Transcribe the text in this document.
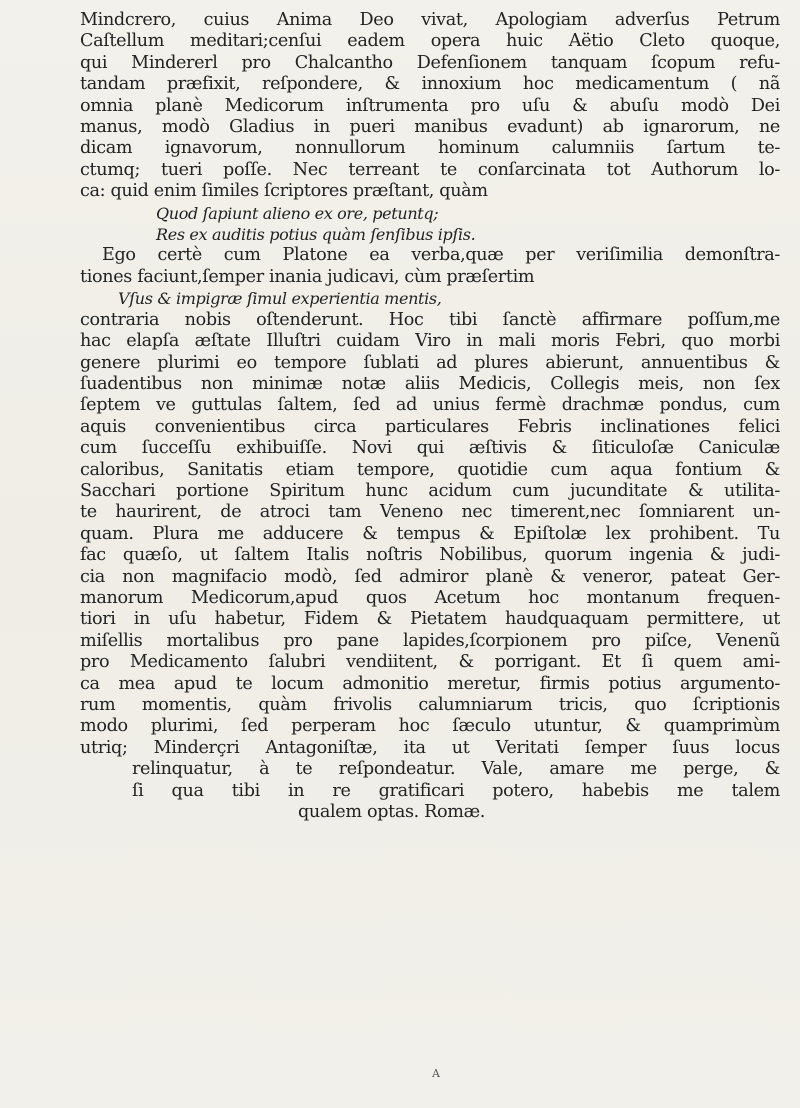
Mindcrero, cuius Anima Deo vivat, Apologiam adverſus Petrum
Caſtellum meditari;cenſui eadem opera huic Aëtio Cleto quoque,
qui Mindererl pro Chalcantho Defenſionem tanquam ſcopum refu-
tandam præfixit, reſpondere, & innoxium hoc medicamentum ( nã
omnia planè Medicorum inſtrumenta pro uſu & abuſu modò Dei
manus, modò Gladius in pueri manibus evadunt) ab ignarorum, ne
dicam ignavorum, nonnullorum hominum calumniis ſartum te-
ctumq; tueri poſſe. Nec terreant te conſarcinata tot Authorum lo-
ca: quid enim ſimiles ſcriptores præſtant, quàm
Quod ſapiunt alieno ex ore, petuntq;
Res ex auditis potius quàm ſenſibus ipſis.
Ego certè cum Platone ea verba,quæ per veriſimilia demonſtra-
tiones faciunt,ſemper inania judicavi, cùm præſertim
Vſus & impigræ ſimul experientia mentis,
contraria nobis oſtenderunt. Hoc tibi ſanctè affirmare poſſum,me
hac elapſa æſtate Illuſtri cuidam Viro in mali moris Febri, quo morbi
genere plurimi eo tempore ſublati ad plures abierunt, annuentibus &
ſuadentibus non minimæ notæ aliis Medicis, Collegis meis, non ſex
ſeptem ve guttulas ſaltem, ſed ad unius fermè drachmæ pondus, cum
aquis convenientibus circa particulares Febris inclinationes felici
cum ſucceſſu exhibuiſſe. Novi qui æſtivis & ſiticuloſæ Caniculæ
caloribus, Sanitatis etiam tempore, quotidie cum aqua fontium &
Sacchari portione Spiritum hunc acidum cum jucunditate & utilita-
te haurirent, de atroci tam Veneno nec timerent,nec ſomniarent un-
quam. Plura me adducere & tempus & Epiſtolæ lex prohibent. Tu
fac quæſo, ut ſaltem Italis noſtris Nobilibus, quorum ingenia & judi-
cia non magnifacio modò, ſed admiror planè & veneror, pateat Ger-
manorum Medicorum,apud quos Acetum hoc montanum frequen-
tiori in uſu habetur, Fidem & Pietatem haudquaquam permittere, ut
miſellis mortalibus pro pane lapides,ſcorpionem pro piſce, Venenũ
pro Medicamento ſalubri vendiitent, & porrigant. Et ſi quem ami-
ca mea apud te locum admonitio meretur, firmis potius argumento-
rum momentis, quàm frivolis calumniarum tricis, quo ſcriptionis
modo plurimi, ſed perperam hoc ſæculo utuntur, & quamprimùm
utriq; Minderçri Antagoniſtæ, ita ut Veritati ſemper ſuus locus
relinquatur, à te reſpondeatur. Vale, amare me perge, &
ſi qua tibi in re gratificari potero, habebis me talem
qualem optas. Romæ.
A
